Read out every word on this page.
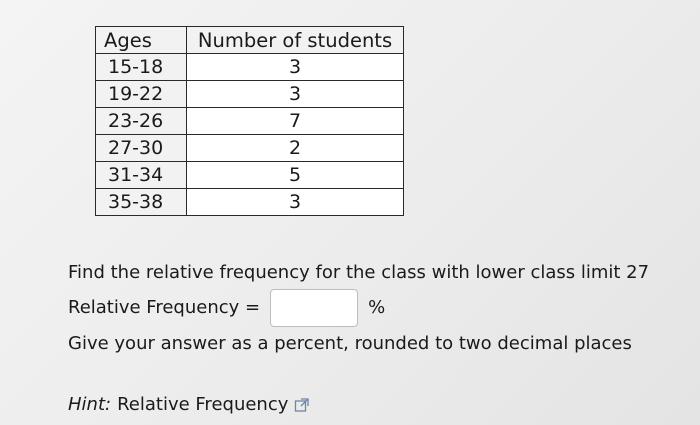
Ages	Number of students
15-18	3
19-22	3
23-26	7
27-30	2
31-34	5
35-38	3
Find the relative frequency for the class with lower class limit 27
Relative Frequency =	%
Give your answer as a percent, rounded to two decimal places
Hint: Relative Frequency
